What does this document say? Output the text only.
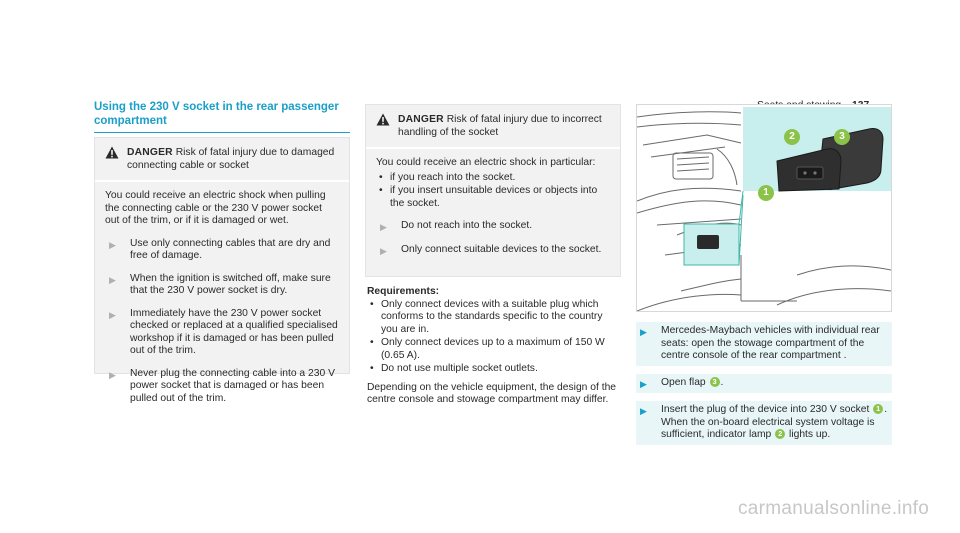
Using the 230 V socket in the rear passenger compartment
DANGER Risk of fatal injury due to damaged connecting cable or socket

You could receive an electric shock when pulling the connecting cable or the 230 V power socket out of the trim, or if it is damaged or wet.

▶	Use only connecting cables that are dry and free of damage.
▶	When the ignition is switched off, make sure that the 230 V power socket is dry.
▶	Immediately have the 230 V power socket checked or replaced at a qualified specialised workshop if it is damaged or has been pulled out of the trim.
▶	Never plug the connecting cable into a 230 V power socket that is damaged or has been pulled out of the trim.
DANGER Risk of fatal injury due to incorrect handling of the socket

You could receive an electric shock in particular:

• if you reach into the socket.
• if you insert unsuitable devices or objects into the socket.
▶	Do not reach into the socket.
▶	Only connect suitable devices to the socket.
Requirements:
• Only connect devices with a suitable plug which conforms to the standards specific to the country you are in.
• Only connect devices up to a maximum of 150 W (0.65 A).
• Do not use multiple socket outlets.
Depending on the vehicle equipment, the design of the centre console and stowage compartment may differ.
2	3
1
▶	Mercedes-Maybach vehicles with individual rear seats: open the stowage compartment of the centre console of the rear compartment .
▶	Open flap 3 .
▶	Insert the plug of the device into 230 V socket 1 . When the on-board electrical system voltage is sufficient, indicator lamp 2 lights up.
carmanualsonline.info
